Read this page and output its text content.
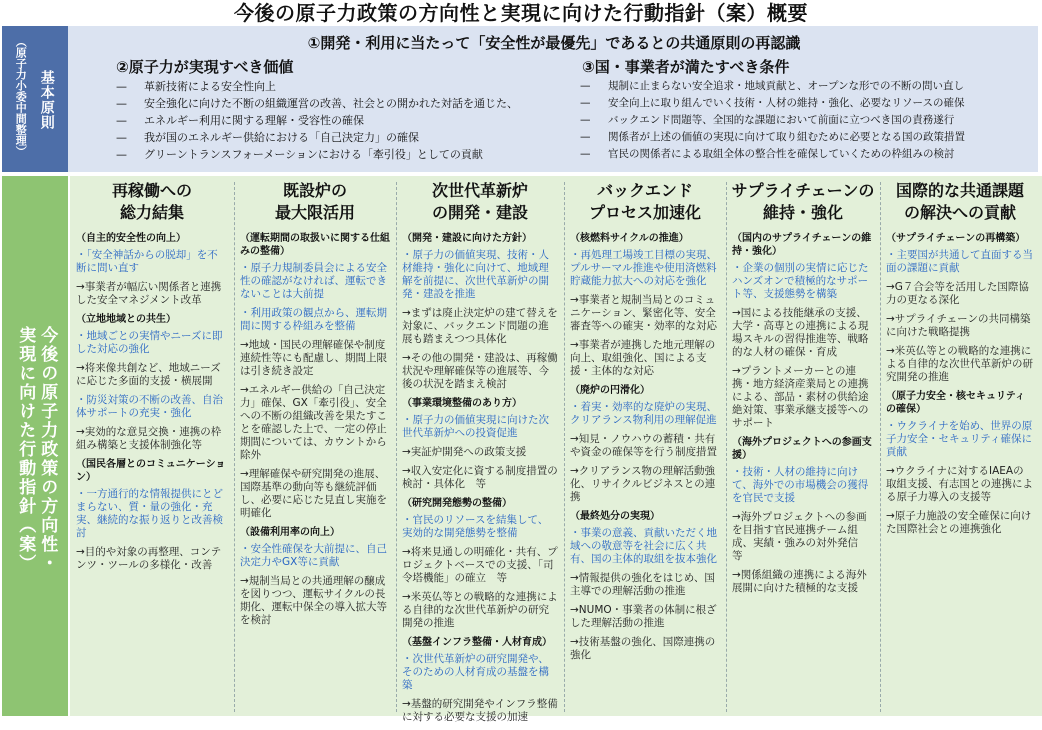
今後の原子力政策の方向性と実現に向けた行動指針（案）概要
基本原則
（原子力小委中間整理）	①開発・利用に当たって「安全性が最優先」であるとの共通原則の再認識
②原子力が実現すべき価値	③国・事業者が満たすべき条件
— 革新技術による安全性向上
— 安全強化に向けた不断の組織運営の改善、社会との開かれた対話を通じた、
— エネルギー利用に関する理解・受容性の確保
— 我が国のエネルギー供給における「自己決定力」の確保
— グリーントランスフォーメーションにおける「牽引役」としての貢献
— 規制に止まらない安全追求・地域貢献と、オープンな形での不断の問い直し
— 安全向上に取り組んでいく技術・人材の維持・強化、必要なリソースの確保
— バックエンド問題等、全国的な課題において前面に立つべき国の責務遂行
— 関係者が上述の価値の実現に向けて取り組むために必要となる国の政策措置
— 官民の関係者による取組全体の整合性を確保していくための枠組みの検討
今後の原子力政策の方向性・
実現に向けた行動指針（案）
再稼働への
総力結集
（自主的安全性の向上）
・「安全神話からの脱却」を不断に問い直す
→事業者が幅広い関係者と連携した安全マネジメント改革
（立地地域との共生）
・地域ごとの実情やニーズに即した対応の強化
→将来像共創など、地域ニーズに応じた多面的支援・横展開
・防災対策の不断の改善、自治体サポートの充実・強化
→実効的な意見交換・連携の枠組み構築と支援体制強化等
（国民各層とのコミュニケーション）
・一方通行的な情報提供にとどまらない、質・量の強化・充実、継続的な振り返りと改善検討
→目的や対象の再整理、コンテンツ・ツールの多様化・改善
既設炉の
最大限活用
（運転期間の取扱いに関する仕組みの整備）
・原子力規制委員会による安全性の確認がなければ、運転できないことは大前提
・利用政策の観点から、運転期間に関する枠組みを整備
→地域・国民の理解確保や制度連続性等にも配慮し、期間上限は引き続き設定
→エネルギー供給の「自己決定力」確保、GX「牽引役」、安全への不断の組織改善を果たすことを確認した上で、一定の停止期間については、カウントから除外
→理解確保や研究開発の進展、国際基準の動向等も継続評価し、必要に応じた見直し実施を明確化
（設備利用率の向上）
・安全性確保を大前提に、自己決定力やGX等に貢献
→規制当局との共通理解の醸成を図りつつ、運転サイクルの長期化、運転中保全の導入拡大等を検討
次世代革新炉
の開発・建設
（開発・建設に向けた方針）
・原子力の価値実現、技術・人材維持・強化に向けて、地域理解を前提に、次世代革新炉の開発・建設を推進
→まずは廃止決定炉の建て替えを対象に、バックエンド問題の進展も踏まえつつ具体化
→その他の開発・建設は、再稼働状況や理解確保等の進展等、今後の状況を踏まえ検討
（事業環境整備のあり方）
・原子力の価値実現に向けた次世代革新炉への投資促進
→実証炉開発への政策支援
→収入安定化に資する制度措置の検討・具体化　等
（研究開発態勢の整備）
・官民のリソースを結集して、実効的な開発態勢を整備
→将来見通しの明確化・共有、プロジェクトベースでの支援、「司令塔機能」の確立　等
→米英仏等との戦略的な連携による自律的な次世代革新炉の研究開発の推進
（基盤インフラ整備・人材育成）
・次世代革新炉の研究開発や、そのための人材育成の基盤を構築
→基盤的研究開発やインフラ整備に対する必要な支援の加速
バックエンド
プロセス加速化
（核燃料サイクルの推進）
・再処理工場竣工目標の実現、プルサーマル推進や使用済燃料貯蔵能力拡大への対応を強化
→事業者と規制当局とのコミュニケーション、緊密化等、安全審査等への確実・効率的な対応
→事業者が連携した地元理解の向上、取組強化、国による支援・主体的な対応
（廃炉の円滑化）
・着実・効率的な廃炉の実現、クリアランス物利用の理解促進
→知見・ノウハウの蓄積・共有や資金の確保等を行う制度措置
→クリアランス物の理解活動強化、リサイクルビジネスとの連携
（最終処分の実現）
・事業の意義、貢献いただく地域への敬意等を社会に広く共有、国の主体的取組を抜本強化
→情報提供の強化をはじめ、国主導での理解活動の推進
→NUMO・事業者の体制に根ざした理解活動の推進
→技術基盤の強化、国際連携の強化
サプライチェーンの
維持・強化
（国内のサプライチェーンの維持・強化）
・企業の個別の実情に応じたハンズオンで積極的なサポート等、支援態勢を構築
→国による技能継承の支援、大学・高専との連携による現場スキルの習得推進等、戦略的な人材の確保・育成
→プラントメーカーとの連携・地方経済産業局との連携による、部品・素材の供給途絶対策、事業承継支援等へのサポート
（海外プロジェクトへの参画支援）
・技術・人材の維持に向けて、海外での市場機会の獲得を官民で支援
→海外プロジェクトへの参画を目指す官民連携チーム組成、実績・強みの対外発信　等
→関係組織の連携による海外展開に向けた積極的な支援
国際的な共通課題
の解決への貢献
（サプライチェーンの再構築）
・主要国が共通して直面する当面の課題に貢献
→G７合会等を活用した国際協力の更なる深化
→サプライチェーンの共同構築に向けた戦略提携
→米英仏等との戦略的な連携による自律的な次世代革新炉の研究開発の推進
（原子力安全・核セキュリティの確保）
・ウクライナを始め、世界の原子力安全・セキュリティ確保に貢献
→ウクライナに対するIAEAの取組支援、有志国との連携による原子力導入の支援等
→原子力施設の安全確保に向けた国際社会との連携強化
